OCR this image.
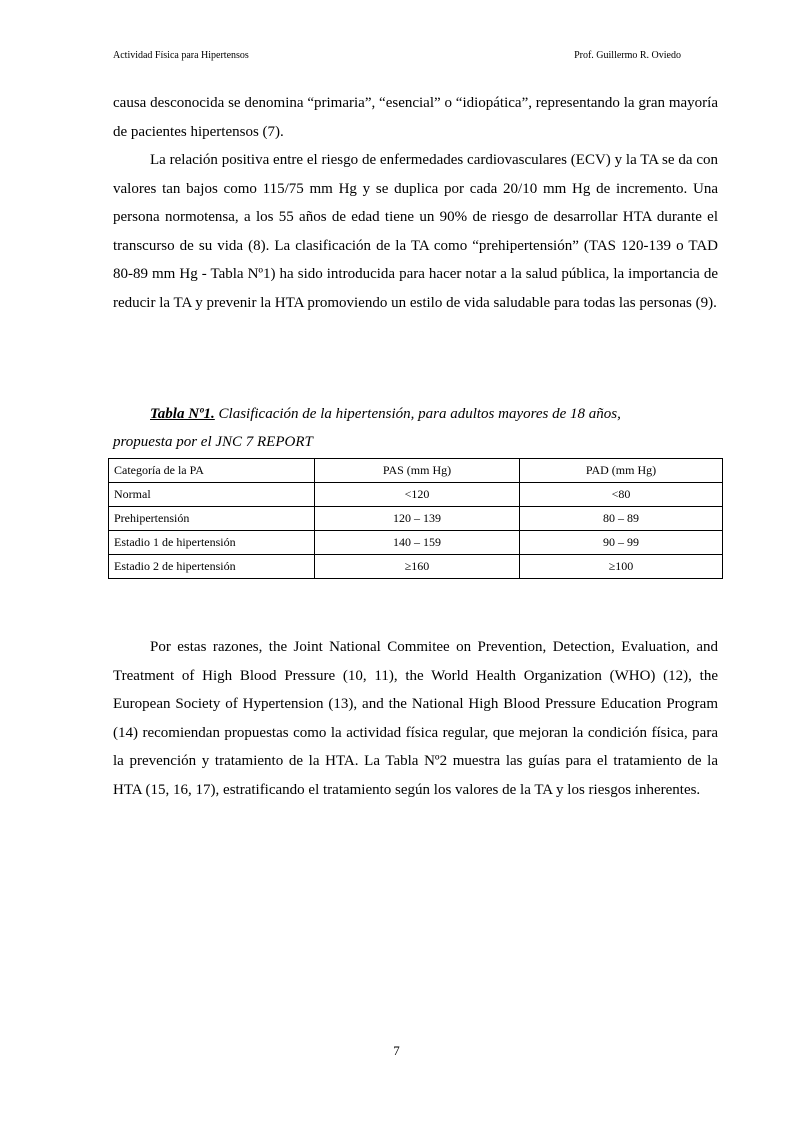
Actividad Física para Hipertensos	Prof. Guillermo R. Oviedo

causa desconocida se denomina “primaria”, “esencial” o “idiopática”, representando la gran mayoría de pacientes hipertensos (7).

La relación positiva entre el riesgo de enfermedades cardiovasculares (ECV) y la TA se da con valores tan bajos como 115/75 mm Hg y se duplica por cada 20/10 mm Hg de incremento. Una persona normotensa, a los 55 años de edad tiene un 90% de riesgo de desarrollar HTA durante el transcurso de su vida (8). La clasificación de la TA como “prehipertensión” (TAS 120-139 o TAD 80-89 mm Hg - Tabla Nº1) ha sido introducida para hacer notar a la salud pública, la importancia de reducir la TA y prevenir la HTA promoviendo un estilo de vida saludable para todas las personas (9).

Tabla Nº1. Clasificación de la hipertensión, para adultos mayores de 18 años,
propuesta por el JNC 7 REPORT

Categoría de la PA	PAS (mm Hg)	PAD (mm Hg)
Normal	<120	<80
Prehipertensión	120 – 139	80 – 89
Estadio 1 de hipertensión	140 – 159	90 – 99
Estadio 2 de hipertensión	≥160	≥100

Por estas razones, the Joint National Commitee on Prevention, Detection, Evaluation, and Treatment of High Blood Pressure (10, 11), the World Health Organization (WHO) (12), the European Society of Hypertension (13), and the National High Blood Pressure Education Program (14) recomiendan propuestas como la actividad física regular, que mejoran la condición física, para la prevención y tratamiento de la HTA. La Tabla Nº2 muestra las guías para el tratamiento de la HTA (15, 16, 17), estratificando el tratamiento según los valores de la TA y los riesgos inherentes.

7
